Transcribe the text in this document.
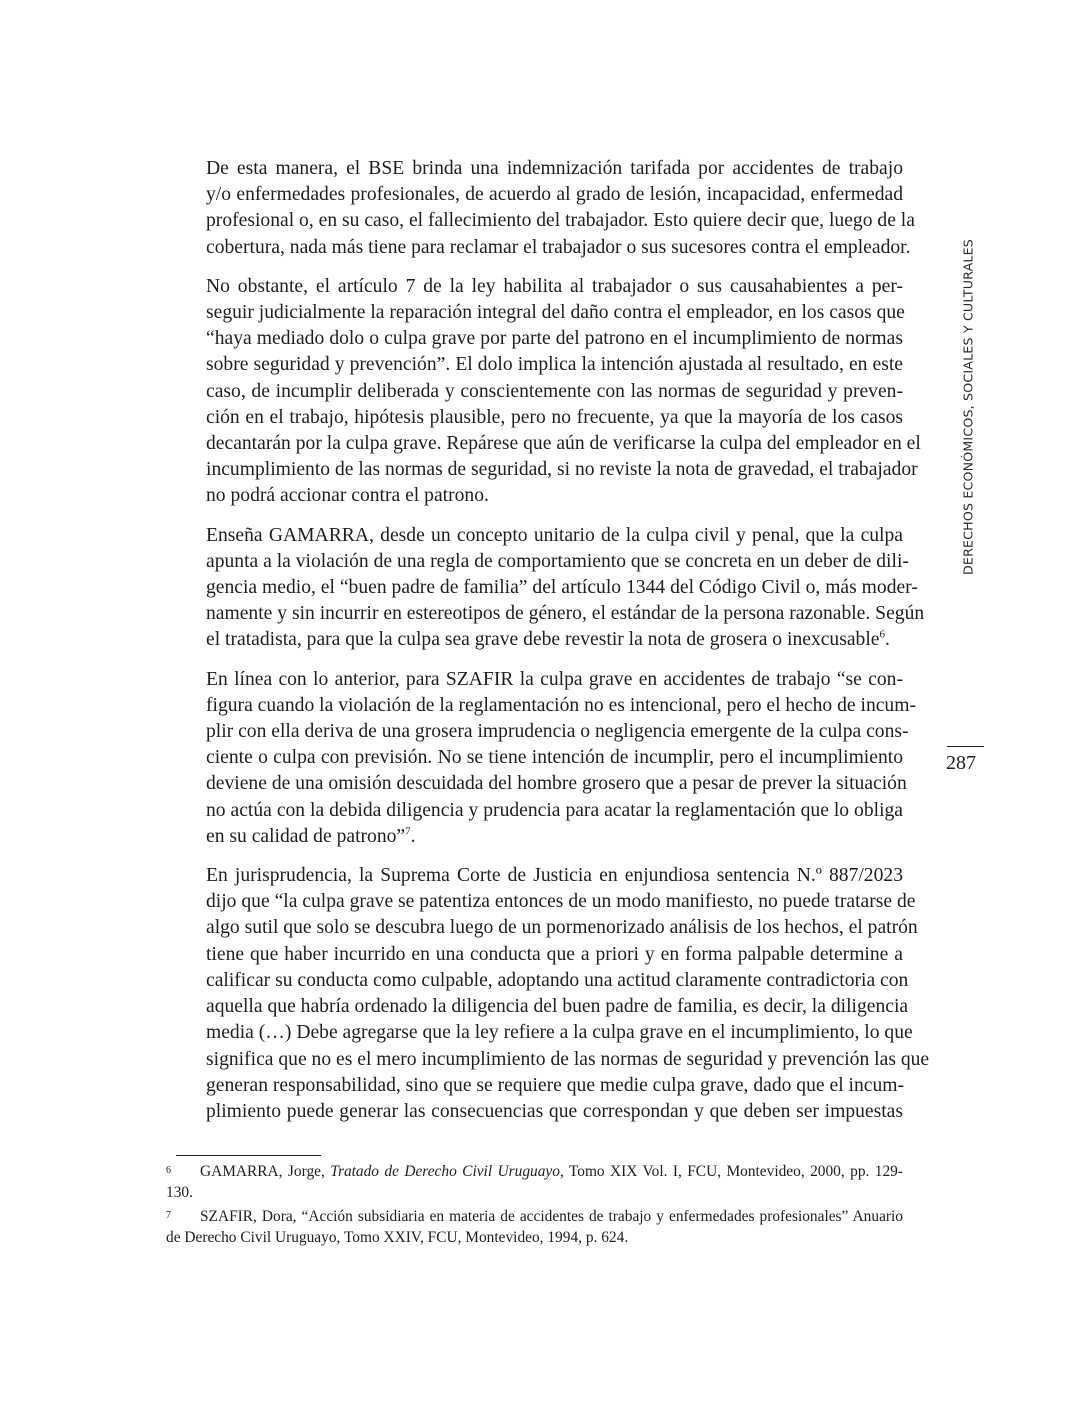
De esta manera, el BSE brinda una indemnización tarifada por accidentes de trabajo
y/o enfermedades profesionales, de acuerdo al grado de lesión, incapacidad, enfermedad
profesional o, en su caso, el fallecimiento del trabajador. Esto quiere decir que, luego de la
cobertura, nada más tiene para reclamar el trabajador o sus sucesores contra el empleador.

No obstante, el artículo 7 de la ley habilita al trabajador o sus causahabientes a per-
seguir judicialmente la reparación integral del daño contra el empleador, en los casos que
“haya mediado dolo o culpa grave por parte del patrono en el incumplimiento de normas
sobre seguridad y prevención”. El dolo implica la intención ajustada al resultado, en este
caso, de incumplir deliberada y conscientemente con las normas de seguridad y preven-
ción en el trabajo, hipótesis plausible, pero no frecuente, ya que la mayoría de los casos
decantarán por la culpa grave. Repárese que aún de verificarse la culpa del empleador en el
incumplimiento de las normas de seguridad, si no reviste la nota de gravedad, el trabajador
no podrá accionar contra el patrono.

Enseña GAMARRA, desde un concepto unitario de la culpa civil y penal, que la culpa
apunta a la violación de una regla de comportamiento que se concreta en un deber de dili-
gencia medio, el “buen padre de familia” del artículo 1344 del Código Civil o, más moder-
namente y sin incurrir en estereotipos de género, el estándar de la persona razonable. Según
el tratadista, para que la culpa sea grave debe revestir la nota de grosera o inexcusable$^6$.

En línea con lo anterior, para SZAFIR la culpa grave en accidentes de trabajo “se con-
figura cuando la violación de la reglamentación no es intencional, pero el hecho de incum-
plir con ella deriva de una grosera imprudencia o negligencia emergente de la culpa cons-
ciente o culpa con previsión. No se tiene intención de incumplir, pero el incumplimiento
deviene de una omisión descuidada del hombre grosero que a pesar de prever la situación
no actúa con la debida diligencia y prudencia para acatar la reglamentación que lo obliga
en su calidad de patrono”$^7$.

En jurisprudencia, la Suprema Corte de Justicia en enjundiosa sentencia N.º 887/2023
dijo que “la culpa grave se patentiza entonces de un modo manifiesto, no puede tratarse de
algo sutil que solo se descubra luego de un pormenorizado análisis de los hechos, el patrón
tiene que haber incurrido en una conducta que a priori y en forma palpable determine a
calificar su conducta como culpable, adoptando una actitud claramente contradictoria con
aquella que habría ordenado la diligencia del buen padre de familia, es decir, la diligencia
media (…) Debe agregarse que la ley refiere a la culpa grave en el incumplimiento, lo que
significa que no es el mero incumplimiento de las normas de seguridad y prevención las que
generan responsabilidad, sino que se requiere que medie culpa grave, dado que el incum-
plimiento puede generar las consecuencias que correspondan y que deben ser impuestas

DERECHOS ECONÓMICOS, SOCIALES Y CULTURALES
287

6 GAMARRA, Jorge, Tratado de Derecho Civil Uruguayo, Tomo XIX Vol. I, FCU, Montevideo, 2000, pp. 129-130.

7 SZAFIR, Dora, “Acción subsidiaria en materia de accidentes de trabajo y enfermedades profesionales” Anuario de Derecho Civil Uruguayo, Tomo XXIV, FCU, Montevideo, 1994, p. 624.
